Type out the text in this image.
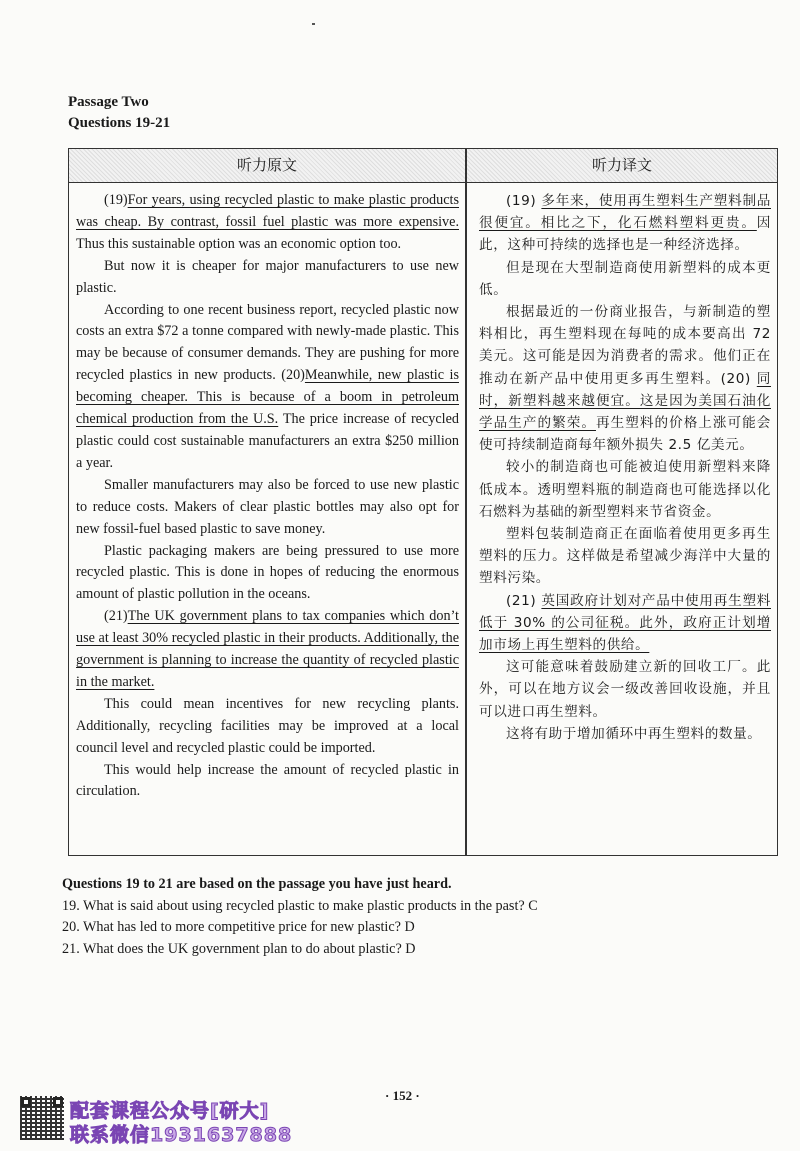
Passage Two
Questions 19-21
听力原文

(19)For years, using recycled plastic to make plastic products was cheap. By contrast, fossil fuel plastic was more expensive. Thus this sustainable option was an economic option too.

But now it is cheaper for major manufacturers to use new plastic.

According to one recent business report, recycled plastic now costs an extra $72 a tonne compared with newly-made plastic. This may be because of consumer demands. They are pushing for more recycled plastics in new products. (20)Meanwhile, new plastic is becoming cheaper. This is because of a boom in petroleum chemical production from the U.S. The price increase of recycled plastic could cost sustainable manufacturers an extra $250 million a year.

Smaller manufacturers may also be forced to use new plastic to reduce costs. Makers of clear plastic bottles may also opt for new fossil-fuel based plastic to save money.

Plastic packaging makers are being pressured to use more recycled plastic. This is done in hopes of reducing the enormous amount of plastic pollution in the oceans.

(21)The UK government plans to tax companies which don’t use at least 30% recycled plastic in their products. Additionally, the government is planning to increase the quantity of recycled plastic in the market.

This could mean incentives for new recycling plants. Additionally, recycling facilities may be improved at a local council level and recycled plastic could be imported.

This would help increase the amount of recycled plastic in circulation.

听力译文

(19) 多年来，使用再生塑料生产塑料制品很便宜。相比之下，化石燃料塑料更贵。因此，这种可持续的选择也是一种经济选择。

但是现在大型制造商使用新塑料的成本更低。

根据最近的一份商业报告，与新制造的塑料相比，再生塑料现在每吨的成本要高出 72 美元。这可能是因为消费者的需求。他们正在推动在新产品中使用更多再生塑料。(20) 同时，新塑料越来越便宜。这是因为美国石油化学品生产的繁荣。再生塑料的价格上涨可能会使可持续制造商每年额外损失 2.5 亿美元。

较小的制造商也可能被迫使用新塑料来降低成本。透明塑料瓶的制造商也可能选择以化石燃料为基础的新型塑料来节省资金。

塑料包装制造商正在面临着使用更多再生塑料的压力。这样做是希望减少海洋中大量的塑料污染。

(21) 英国政府计划对产品中使用再生塑料低于 30% 的公司征税。此外，政府正计划增加市场上再生塑料的供给。

这可能意味着鼓励建立新的回收工厂。此外，可以在地方议会一级改善回收设施，并且可以进口再生塑料。

这将有助于增加循环中再生塑料的数量。

Questions 19 to 21 are based on the passage you have just heard.
19. What is said about using recycled plastic to make plastic products in the past? C
20. What has led to more competitive price for new plastic? D
21. What does the UK government plan to do about plastic? D
· 152 ·
配套课程公众号[研大]
联系微信1931637888
